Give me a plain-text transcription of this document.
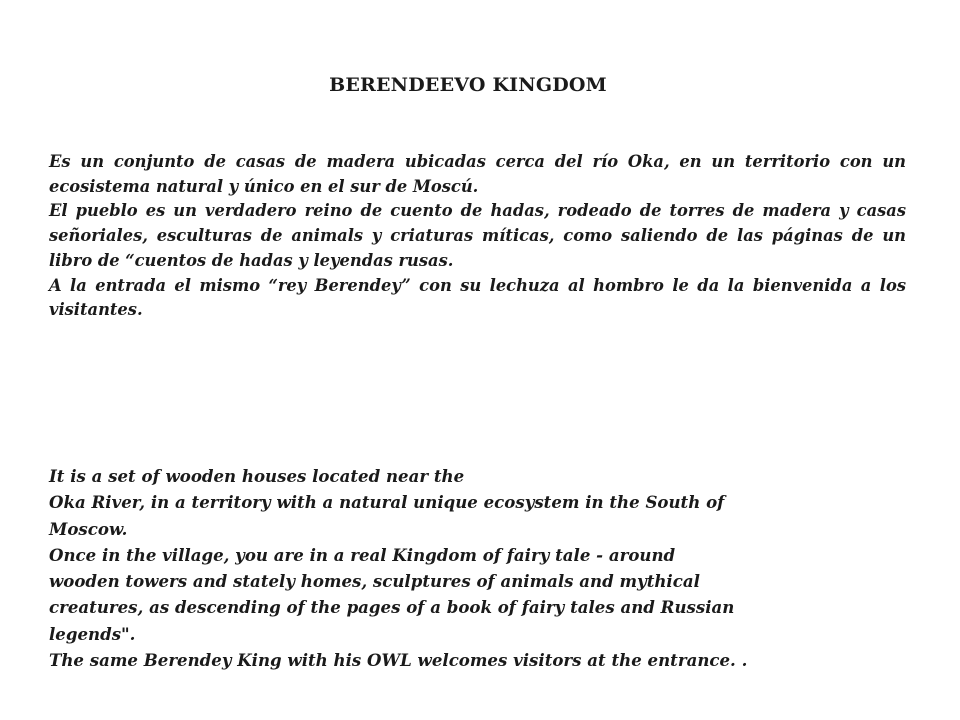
BERENDEEVO KINGDOM

Es un conjunto de casas de madera ubicadas cerca del río Oka, en un territorio con un ecosistema natural y único en el sur de Moscú.

El pueblo es un verdadero reino de cuento de hadas, rodeado de torres de madera y casas señoriales, esculturas de animals y criaturas míticas, como saliendo de las páginas de un libro de “cuentos de hadas y leyendas rusas.

A la entrada el mismo “rey Berendey” con su lechuza al hombro le da la bienvenida a los visitantes.

It is a set of wooden houses located near the
Oka River, in a territory with a natural unique ecosystem in the South of
Moscow.
Once in the village, you are in a real Kingdom of fairy tale - around
wooden towers and stately homes, sculptures of animals and mythical
creatures, as descending of the pages of a book of fairy tales and Russian
legends".
The same Berendey King with his OWL welcomes visitors at the entrance. .
